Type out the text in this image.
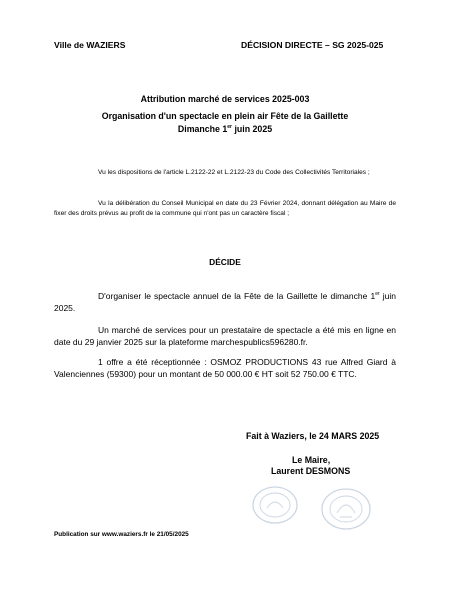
Ville de WAZIERS	DÉCISION DIRECTE – SG 2025-025
Attribution marché de services 2025-003
Organisation d'un spectacle en plein air Fête de la Gaillette
Dimanche 1er juin 2025
Vu les dispositions de l'article L.2122-22 et L.2122-23 du Code des Collectivités Territoriales ;
Vu la délibération du Conseil Municipal en date du 23 Février 2024, donnant délégation au Maire de fixer des droits prévus au profit de la commune qui n'ont pas un caractère fiscal ;
DÉCIDE
D'organiser le spectacle annuel de la Fête de la Gaillette le dimanche 1er juin 2025.
Un marché de services pour un prestataire de spectacle a été mis en ligne en date du 29 janvier 2025 sur la plateforme marchespublics596280.fr.
1 offre a été réceptionnée : OSMOZ PRODUCTIONS 43 rue Alfred Giard à Valenciennes (59300) pour un montant de 50 000.00 € HT soit 52 750.00 € TTC.
Fait à Waziers, le 24 MARS 2025
Le Maire,
Laurent DESMONS
Publication sur www.waziers.fr le 21/05/2025
